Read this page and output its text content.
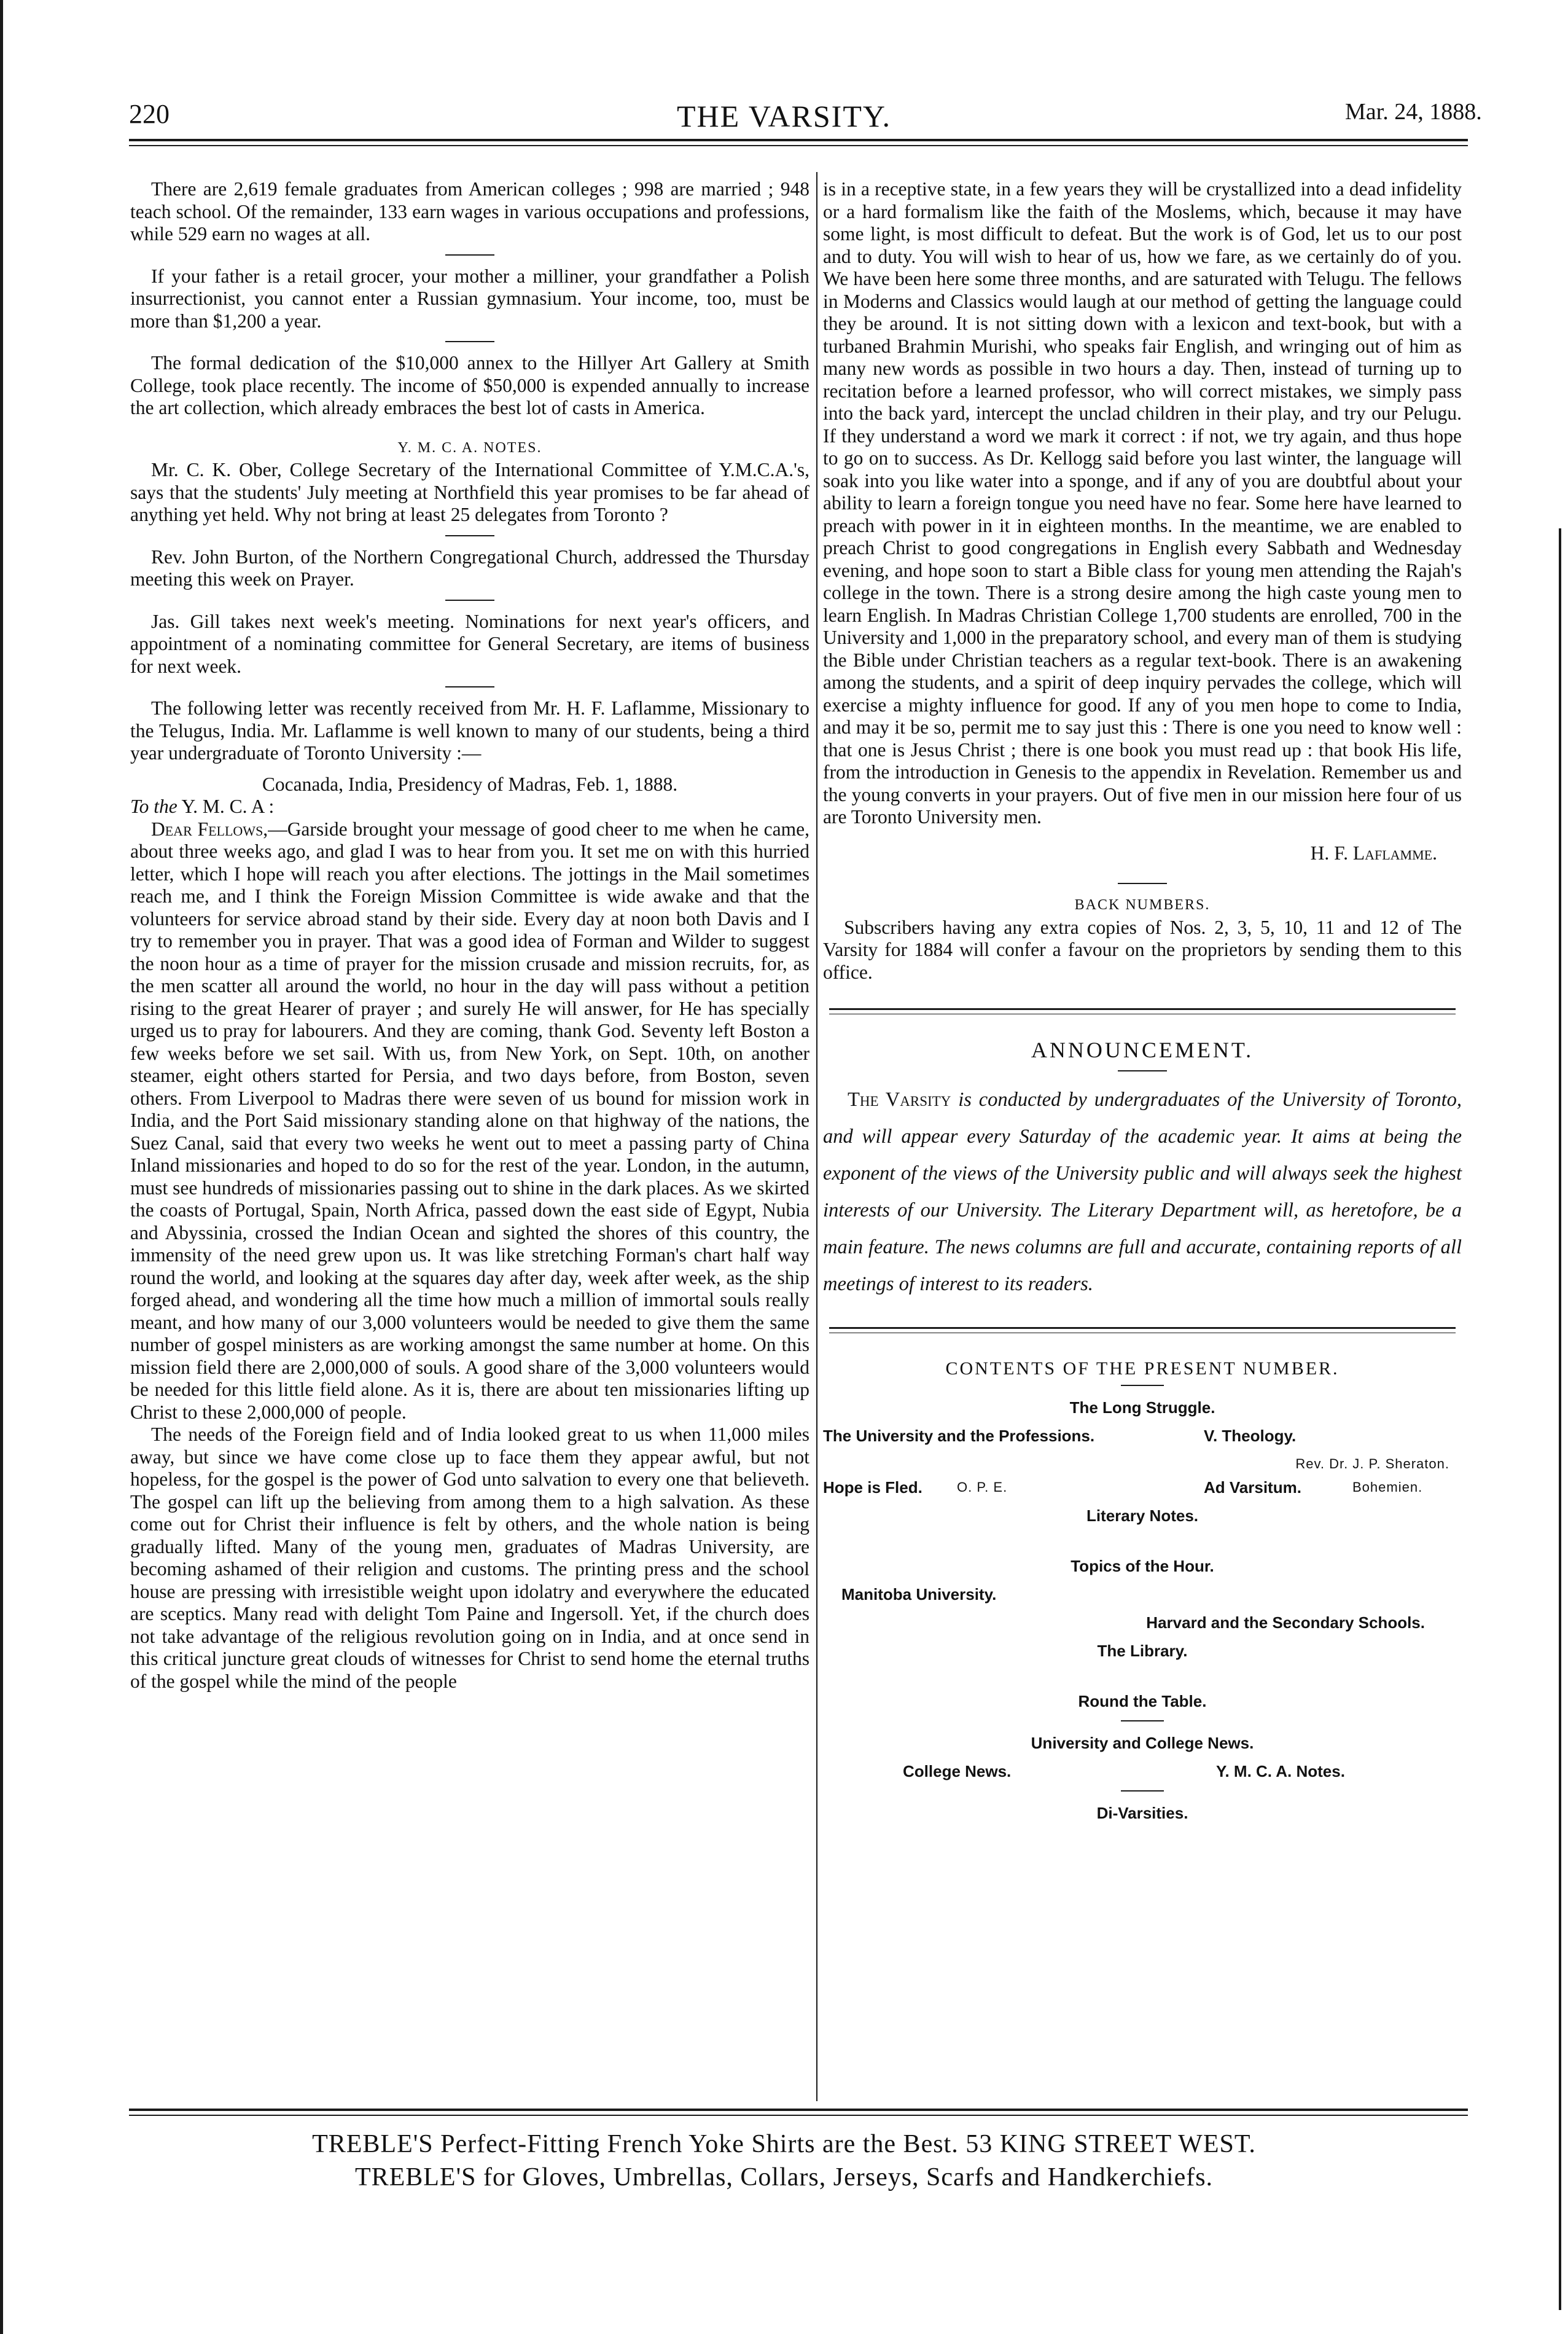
220	THE VARSITY.	Mar. 24, 1888.

There are 2,619 female graduates from American colleges ; 998 are married ; 948 teach school. Of the remainder, 133 earn wages in various occupations and professions, while 529 earn no wages at all.

If your father is a retail grocer, your mother a milliner, your grandfather a Polish insurrectionist, you cannot enter a Russian gymnasium. Your income, too, must be more than $1,200 a year.

The formal dedication of the $10,000 annex to the Hillyer Art Gallery at Smith College, took place recently. The income of $50,000 is expended annually to increase the art collection, which already embraces the best lot of casts in America.

Y. M. C. A. NOTES.

Mr. C. K. Ober, College Secretary of the International Committee of Y.M.C.A.'s, says that the students' July meeting at Northfield this year promises to be far ahead of anything yet held. Why not bring at least 25 delegates from Toronto ?

Rev. John Burton, of the Northern Congregational Church, addressed the Thursday meeting this week on Prayer.

Jas. Gill takes next week's meeting. Nominations for next year's officers, and appointment of a nominating committee for General Secretary, are items of business for next week.

The following letter was recently received from Mr. H. F. Laflamme, Missionary to the Telugus, India. Mr. Laflamme is well known to many of our students, being a third year undergraduate of Toronto University :—

Cocanada, India, Presidency of Madras, Feb. 1, 1888.

To the Y. M. C. A :

Dear Fellows,—Garside brought your message of good cheer to me when he came, about three weeks ago, and glad I was to hear from you. It set me on with this hurried letter, which I hope will reach you after elections. The jottings in the Mail sometimes reach me, and I think the Foreign Mission Committee is wide awake and that the volunteers for service abroad stand by their side. Every day at noon both Davis and I try to remember you in prayer. That was a good idea of Forman and Wilder to suggest the noon hour as a time of prayer for the mission crusade and mission recruits, for, as the men scatter all around the world, no hour in the day will pass without a petition rising to the great Hearer of prayer ; and surely He will answer, for He has specially urged us to pray for labourers. And they are coming, thank God. Seventy left Boston a few weeks before we set sail. With us, from New York, on Sept. 10th, on another steamer, eight others started for Persia, and two days before, from Boston, seven others. From Liverpool to Madras there were seven of us bound for mission work in India, and the Port Said missionary standing alone on that highway of the nations, the Suez Canal, said that every two weeks he went out to meet a passing party of China Inland missionaries and hoped to do so for the rest of the year. London, in the autumn, must see hundreds of missionaries passing out to shine in the dark places. As we skirted the coasts of Portugal, Spain, North Africa, passed down the east side of Egypt, Nubia and Abyssinia, crossed the Indian Ocean and sighted the shores of this country, the immensity of the need grew upon us. It was like stretching Forman's chart half way round the world, and looking at the squares day after day, week after week, as the ship forged ahead, and wondering all the time how much a million of immortal souls really meant, and how many of our 3,000 volunteers would be needed to give them the same number of gospel ministers as are working amongst the same number at home. On this mission field there are 2,000,000 of souls. A good share of the 3,000 volunteers would be needed for this little field alone. As it is, there are about ten missionaries lifting up Christ to these 2,000,000 of people.

The needs of the Foreign field and of India looked great to us when 11,000 miles away, but since we have come close up to face them they appear awful, but not hopeless, for the gospel is the power of God unto salvation to every one that believeth. The gospel can lift up the believing from among them to a high salvation. As these come out for Christ their influence is felt by others, and the whole nation is being gradually lifted. Many of the young men, graduates of Madras University, are becoming ashamed of their religion and customs. The printing press and the school house are pressing with irresistible weight upon idolatry and everywhere the educated are sceptics. Many read with delight Tom Paine and Ingersoll. Yet, if the church does not take advantage of the religious revolution going on in India, and at once send in this critical juncture great clouds of witnesses for Christ to send home the eternal truths of the gospel while the mind of the people

is in a receptive state, in a few years they will be crystallized into a dead infidelity or a hard formalism like the faith of the Moslems, which, because it may have some light, is most difficult to defeat. But the work is of God, let us to our post and to duty. You will wish to hear of us, how we fare, as we certainly do of you. We have been here some three months, and are saturated with Telugu. The fellows in Moderns and Classics would laugh at our method of getting the language could they be around. It is not sitting down with a lexicon and text-book, but with a turbaned Brahmin Murishi, who speaks fair English, and wringing out of him as many new words as possible in two hours a day. Then, instead of turning up to recitation before a learned professor, who will correct mistakes, we simply pass into the back yard, intercept the unclad children in their play, and try our Pelugu. If they understand a word we mark it correct : if not, we try again, and thus hope to go on to success. As Dr. Kellogg said before you last winter, the language will soak into you like water into a sponge, and if any of you are doubtful about your ability to learn a foreign tongue you need have no fear. Some here have learned to preach with power in it in eighteen months. In the meantime, we are enabled to preach Christ to good congregations in English every Sabbath and Wednesday evening, and hope soon to start a Bible class for young men attending the Rajah's college in the town. There is a strong desire among the high caste young men to learn English. In Madras Christian College 1,700 students are enrolled, 700 in the University and 1,000 in the preparatory school, and every man of them is studying the Bible under Christian teachers as a regular text-book. There is an awakening among the students, and a spirit of deep inquiry pervades the college, which will exercise a mighty influence for good. If any of you men hope to come to India, and may it be so, permit me to say just this : There is one you need to know well : that one is Jesus Christ ; there is one book you must read up : that book His life, from the introduction in Genesis to the appendix in Revelation. Remember us and the young converts in your prayers. Out of five men in our mission here four of us are Toronto University men.

H. F. Laflamme.

BACK NUMBERS.

Subscribers having any extra copies of Nos. 2, 3, 5, 10, 11 and 12 of The Varsity for 1884 will confer a favour on the proprietors by sending them to this office.

ANNOUNCEMENT.

The Varsity is conducted by undergraduates of the University of Toronto, and will appear every Saturday of the academic year. It aims at being the exponent of the views of the University public and will always seek the highest interests of our University. The Literary Department will, as heretofore, be a main feature. The news columns are full and accurate, containing reports of all meetings of interest to its readers.

CONTENTS OF THE PRESENT NUMBER.

The Long Struggle.
The University and the Professions.	V. Theology.
Rev. Dr. J. P. Sheraton.
Hope is Fled.	O. P. E.	Ad Varsitum.	Bohemien.
Literary Notes.
Topics of the Hour.
Manitoba University.
Harvard and the Secondary Schools.
The Library.
Round the Table.
University and College News.
College News.	Y. M. C. A. Notes.
Di-Varsities.
TREBLE'S Perfect-Fitting French Yoke Shirts are the Best. 53 KING STREET WEST.
TREBLE'S for Gloves, Umbrellas, Collars, Jerseys, Scarfs and Handkerchiefs.
